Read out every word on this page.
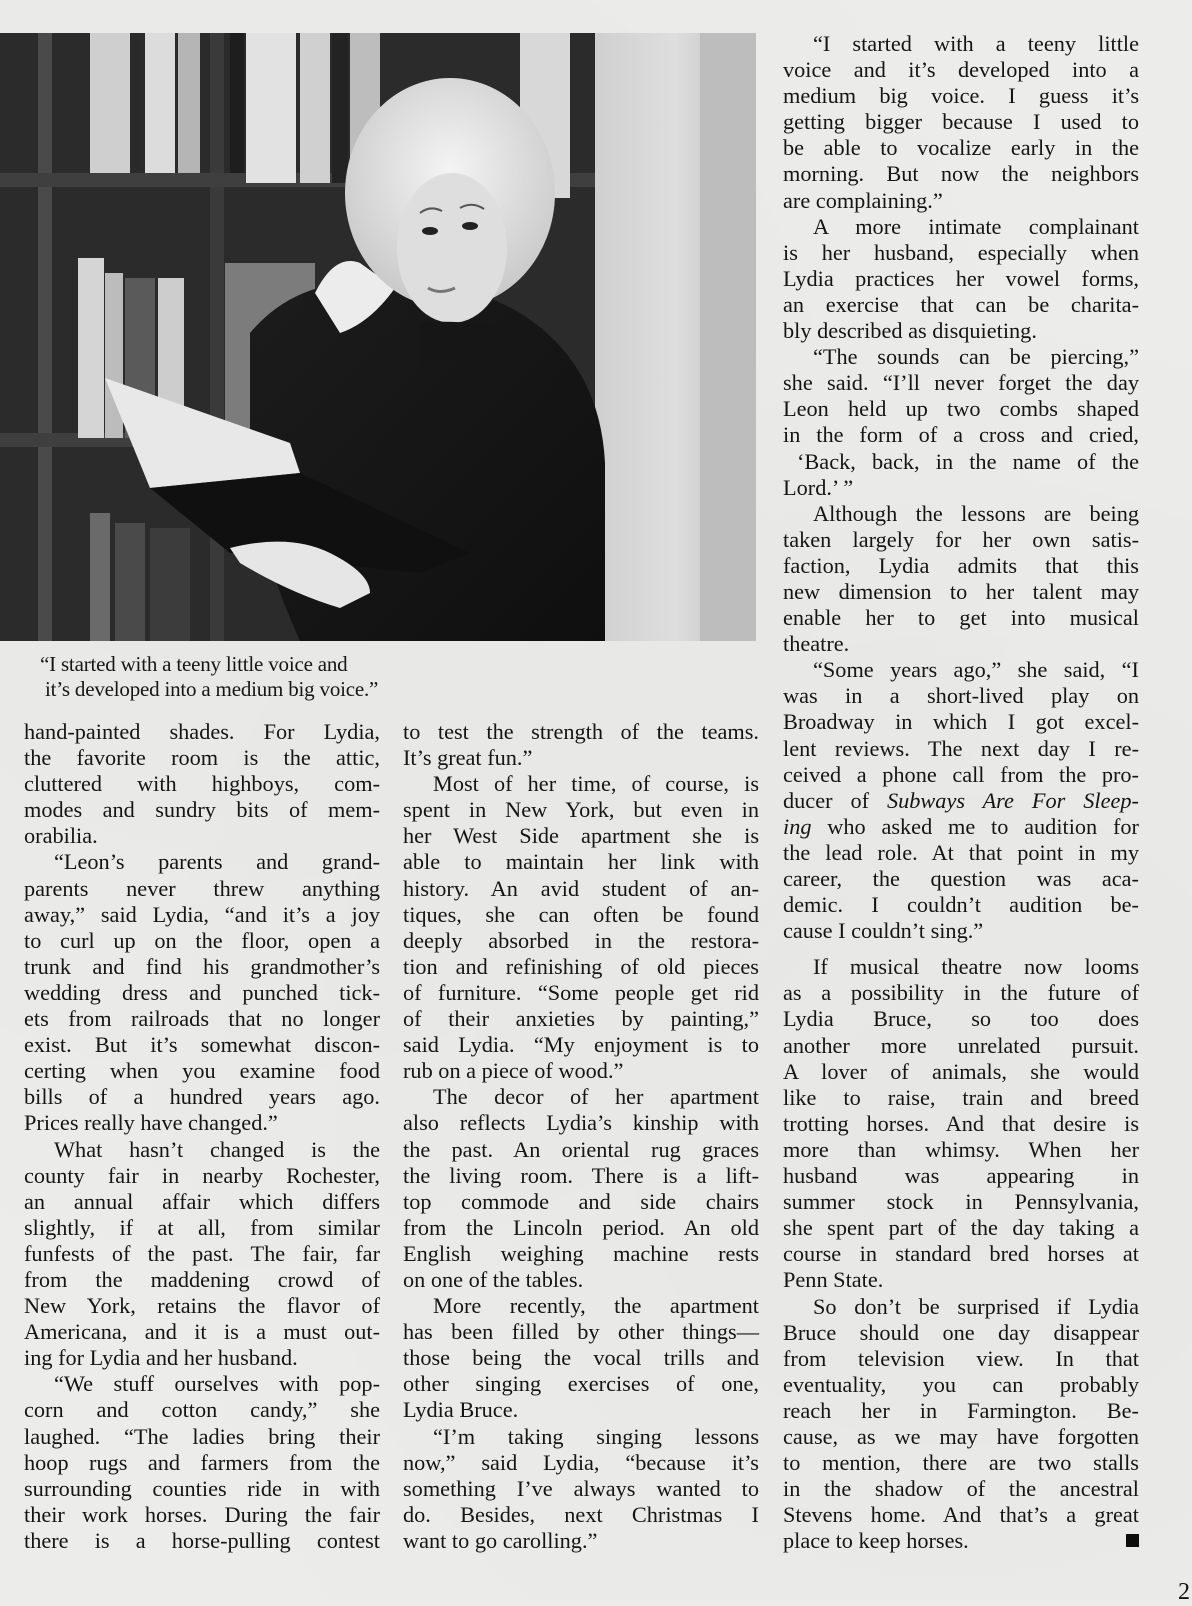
“I started with a teeny little voice and
it’s developed into a medium big voice.”
hand-painted shades. For Lydia,
the favorite room is the attic,
cluttered with highboys, com-
modes and sundry bits of mem-
orabilia.
“Leon’s parents and grand-
parents never threw anything
away,” said Lydia, “and it’s a joy
to curl up on the floor, open a
trunk and find his grandmother’s
wedding dress and punched tick-
ets from railroads that no longer
exist. But it’s somewhat discon-
certing when you examine food
bills of a hundred years ago.
Prices really have changed.”
What hasn’t changed is the
county fair in nearby Rochester,
an annual affair which differs
slightly, if at all, from similar
funfests of the past. The fair, far
from the maddening crowd of
New York, retains the flavor of
Americana, and it is a must out-
ing for Lydia and her husband.
“We stuff ourselves with pop-
corn and cotton candy,” she
laughed. “The ladies bring their
hoop rugs and farmers from the
surrounding counties ride in with
their work horses. During the fair
there is a horse-pulling contest
to test the strength of the teams.
It’s great fun.”
Most of her time, of course, is
spent in New York, but even in
her West Side apartment she is
able to maintain her link with
history. An avid student of an-
tiques, she can often be found
deeply absorbed in the restora-
tion and refinishing of old pieces
of furniture. “Some people get rid
of their anxieties by painting,”
said Lydia. “My enjoyment is to
rub on a piece of wood.”
The decor of her apartment
also reflects Lydia’s kinship with
the past. An oriental rug graces
the living room. There is a lift-
top commode and side chairs
from the Lincoln period. An old
English weighing machine rests
on one of the tables.
More recently, the apartment
has been filled by other things—
those being the vocal trills and
other singing exercises of one,
Lydia Bruce.
“I’m taking singing lessons
now,” said Lydia, “because it’s
something I’ve always wanted to
do. Besides, next Christmas I
want to go carolling.”
“I started with a teeny little
voice and it’s developed into a
medium big voice. I guess it’s
getting bigger because I used to
be able to vocalize early in the
morning. But now the neighbors
are complaining.”
A more intimate complainant
is her husband, especially when
Lydia practices her vowel forms,
an exercise that can be charita-
bly described as disquieting.
“The sounds can be piercing,”
she said. “I’ll never forget the day
Leon held up two combs shaped
in the form of a cross and cried,
‘Back, back, in the name of the
Lord.’ ”
Although the lessons are being
taken largely for her own satis-
faction, Lydia admits that this
new dimension to her talent may
enable her to get into musical
theatre.
“Some years ago,” she said, “I
was in a short-lived play on
Broadway in which I got excel-
lent reviews. The next day I re-
ceived a phone call from the pro-
ducer of Subways Are For Sleep-
ing who asked me to audition for
the lead role. At that point in my
career, the question was aca-
demic. I couldn’t audition be-
cause I couldn’t sing.”
If musical theatre now looms
as a possibility in the future of
Lydia Bruce, so too does
another more unrelated pursuit.
A lover of animals, she would
like to raise, train and breed
trotting horses. And that desire is
more than whimsy. When her
husband was appearing in
summer stock in Pennsylvania,
she spent part of the day taking a
course in standard bred horses at
Penn State.
So don’t be surprised if Lydia
Bruce should one day disappear
from television view. In that
eventuality, you can probably
reach her in Farmington. Be-
cause, as we may have forgotten
to mention, there are two stalls
in the shadow of the ancestral
Stevens home. And that’s a great
place to keep horses.
2
